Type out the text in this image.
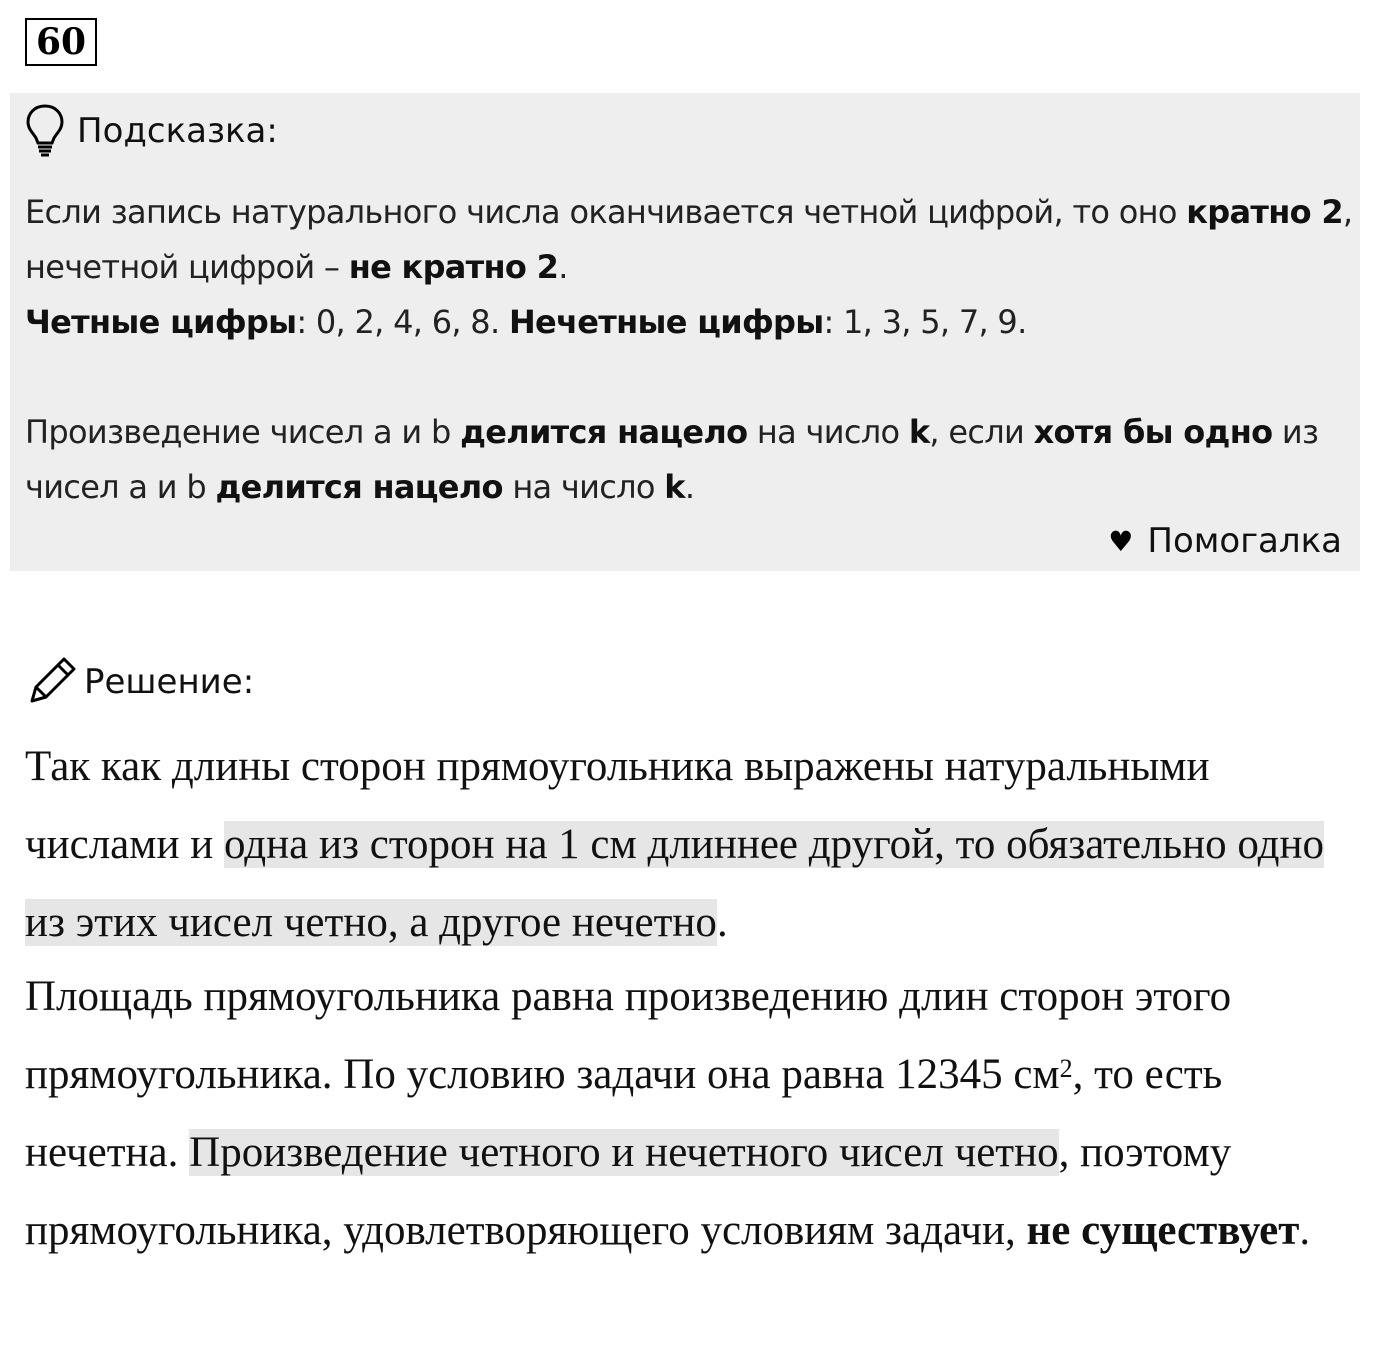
60
Подсказка:

Если запись натурального числа оканчивается четной цифрой, то оно кратно 2, нечетной цифрой – не кратно 2.

Четные цифры: 0, 2, 4, 6, 8. Нечетные цифры: 1, 3, 5, 7, 9.

Произведение чисел a и b делится нацело на число k, если хотя бы одно из чисел a и b делится нацело на число k.

♥ Помогалка
Решение:

Так как длины сторон прямоугольника выражены натуральными числами и одна из сторон на 1 см длиннее другой, то обязательно одно из этих чисел четно, а другое нечетно.

Площадь прямоугольника равна произведению длин сторон этого прямоугольника. По условию задачи она равна 12345 $см^2$, то есть нечетна. Произведение четного и нечетного чисел четно, поэтому прямоугольника, удовлетворяющего условиям задачи, не существует.
